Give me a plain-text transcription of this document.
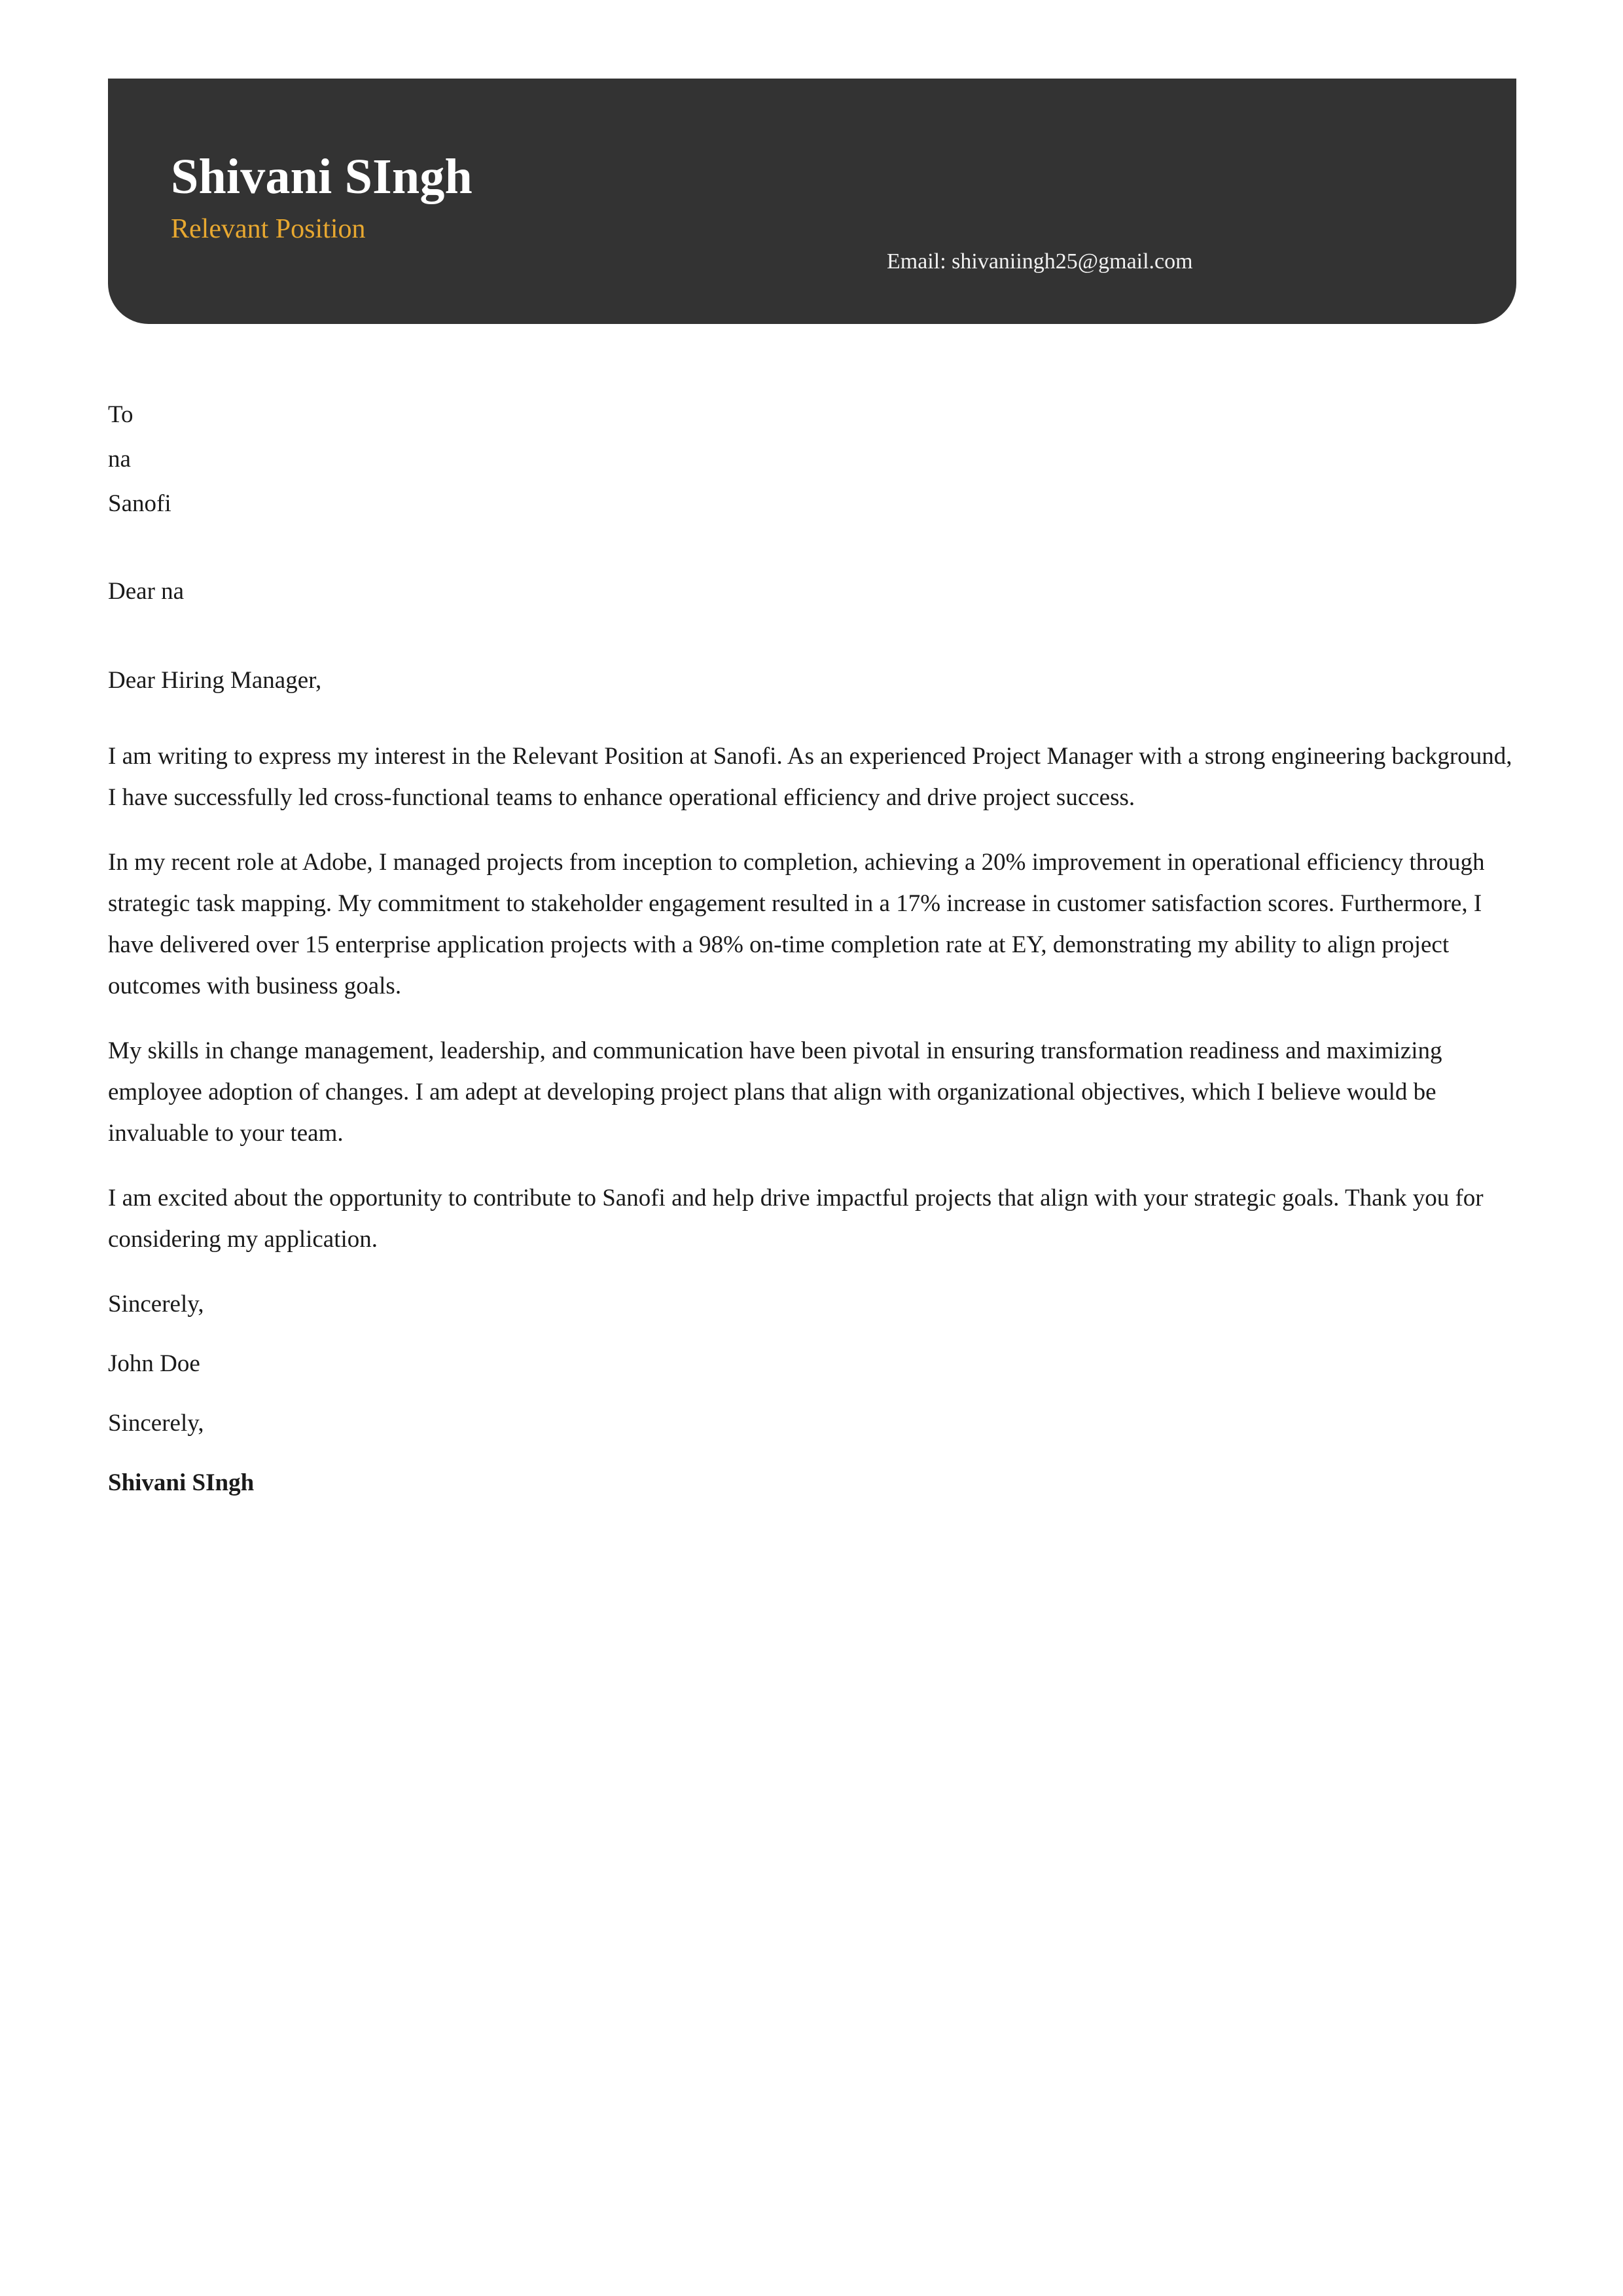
Shivani SIngh
Relevant Position
Email: shivaniingh25@gmail.com
To
na
Sanofi
Dear na
Dear Hiring Manager,

I am writing to express my interest in the Relevant Position at Sanofi. As an experienced Project Manager with a strong engineering background, I have successfully led cross-functional teams to enhance operational efficiency and drive project success.

In my recent role at Adobe, I managed projects from inception to completion, achieving a 20% improvement in operational efficiency through strategic task mapping. My commitment to stakeholder engagement resulted in a 17% increase in customer satisfaction scores. Furthermore, I have delivered over 15 enterprise application projects with a 98% on-time completion rate at EY, demonstrating my ability to align project outcomes with business goals.

My skills in change management, leadership, and communication have been pivotal in ensuring transformation readiness and maximizing employee adoption of changes. I am adept at developing project plans that align with organizational objectives, which I believe would be invaluable to your team.

I am excited about the opportunity to contribute to Sanofi and help drive impactful projects that align with your strategic goals. Thank you for considering my application.

Sincerely,
John Doe
Sincerely,
Shivani SIngh
